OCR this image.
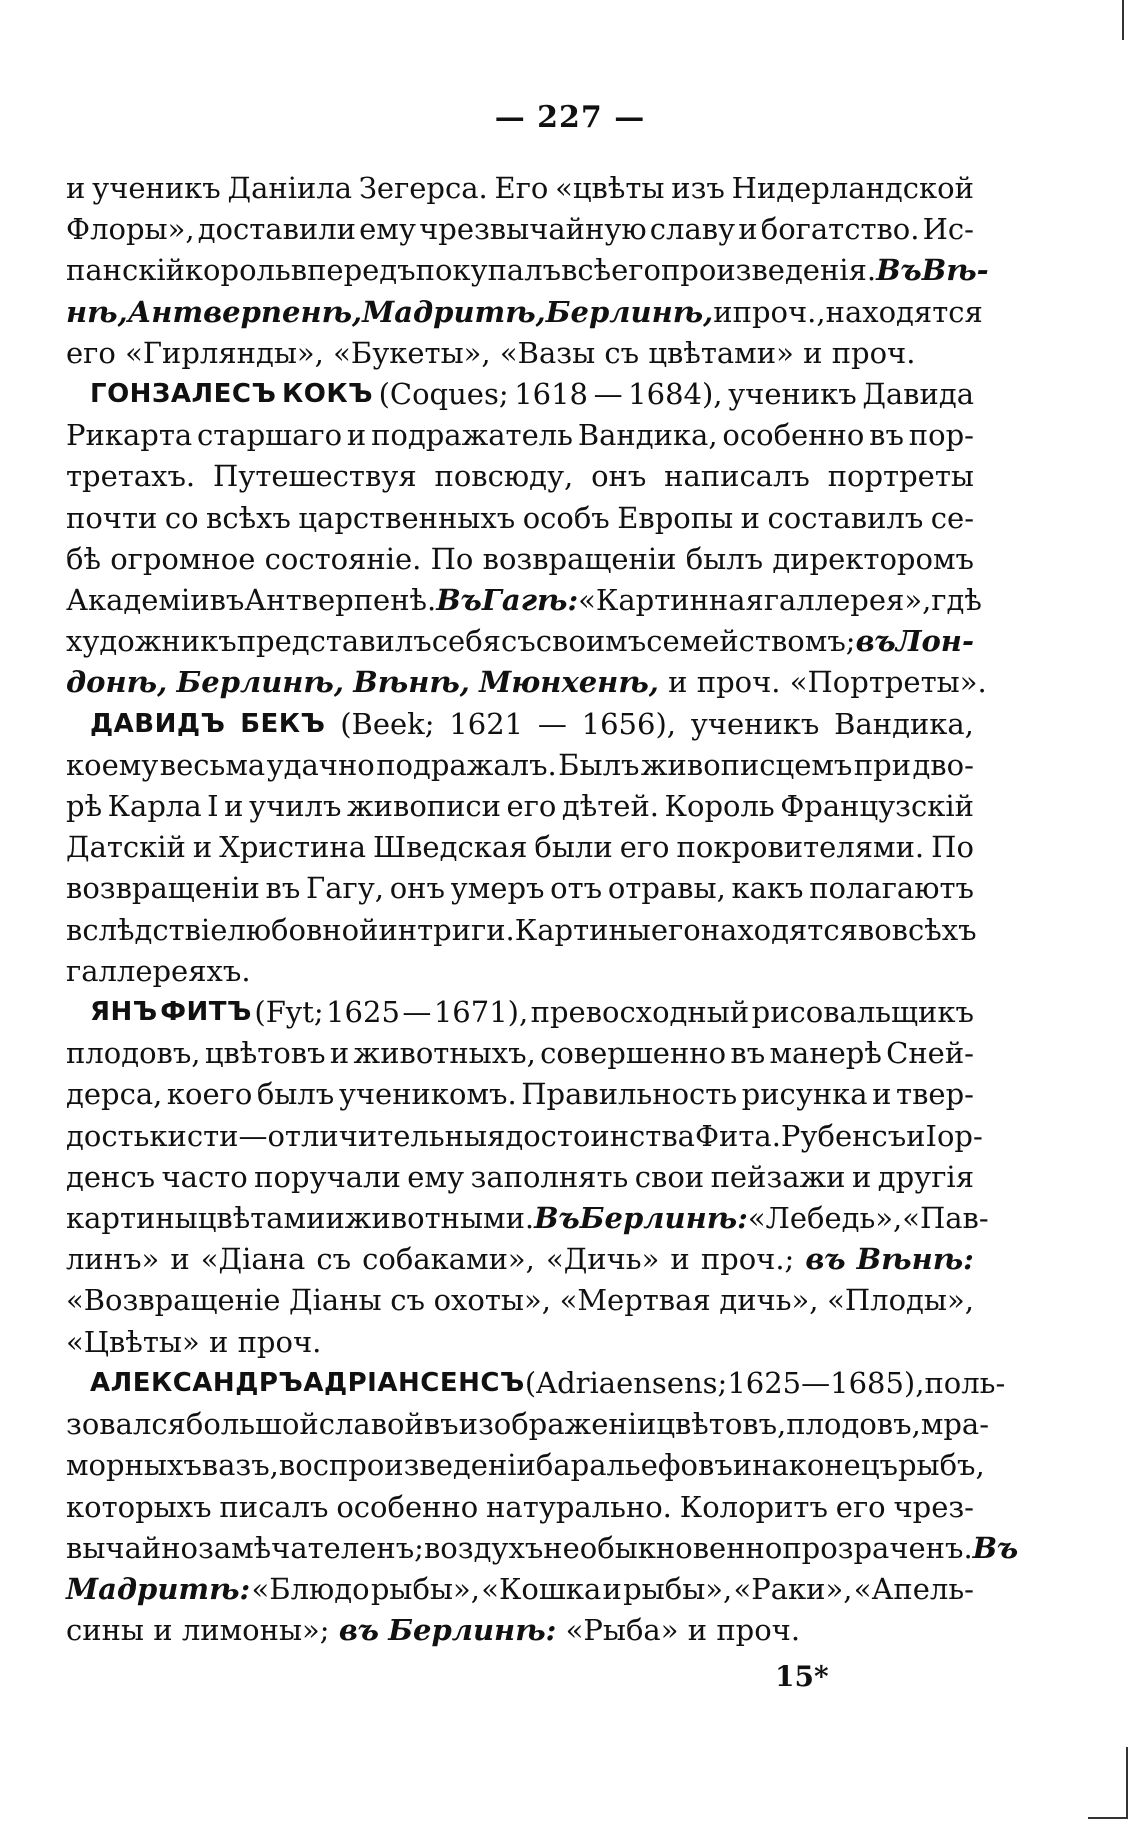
— 227 —
и ученикъ Даніила Зегерса. Его «цвѣты изъ Нидерландской
Флоры», доставили ему чрезвычайную славу и богатство. Ис-
панскій король впередъ покупалъ всѣ его произведенія. Въ Вѣ-
нѣ, Антверпенѣ, Мадритѣ, Берлинѣ, и проч., находятся
его «Гирлянды», «Букеты», «Вазы съ цвѣтами» и проч.
ГОНЗАЛЕСЪ КОКЪ (Coques; 1618 — 1684), ученикъ Давида
Рикарта старшаго и подражатель Вандика, особенно въ пор-
третахъ. Путешествуя повсюду, онъ написалъ портреты
почти со всѣхъ царственныхъ особъ Европы и составилъ се-
бѣ огромное состояніе. По возвращеніи былъ директоромъ
Академіи въ Антверпенѣ. Въ Гагѣ: «Картинная галлерея», гдѣ
художникъ представилъ себя съ своимъ семействомъ; въ Лон-
донѣ, Берлинѣ, Вѣнѣ, Мюнхенѣ, и проч. «Портреты».
ДАВИДЪ БЕКЪ (Beek; 1621 — 1656), ученикъ Вандика,
коему весьма удачно подражалъ. Былъ живописцемъ при дво-
рѣ Карла I и училъ живописи его дѣтей. Король Французскій
Датскій и Христина Шведская были его покровителями. По
возвращеніи въ Гагу, онъ умеръ отъ отравы, какъ полагаютъ
вслѣдствіе любовной интриги. Картины его находятся во всѣхъ
галлереяхъ.
ЯНЪ ФИТЪ (Fyt; 1625 — 1671), превосходный рисовальщикъ
плодовъ, цвѣтовъ и животныхъ, совершенно въ манерѣ Сней-
дерса, коего былъ ученикомъ. Правильность рисунка и твер-
дость кисти—отличительныя достоинства Фита. Рубенсъ и Іор-
денсъ часто поручали ему заполнять свои пейзажи и другія
картины цвѣтами и животными. Въ Берлинѣ: «Лебедь», «Пав-
линъ» и «Діана съ собаками», «Дичь» и проч.; въ Вѣнѣ:
«Возвращеніе Діаны съ охоты», «Мертвая дичь», «Плоды»,
«Цвѣты» и проч.
АЛЕКСАНДРЪ АДРІАНСЕНСЪ (Adriaensens; 1625 — 1685), поль-
зовался большой славой въ изображеніи цвѣтовъ, плодовъ, мра-
морныхъ вазъ, воспроизведеніи баральефовъ и наконецъ рыбъ,
которыхъ писалъ особенно натурально. Колоритъ его чрез-
вычайно замѣчателенъ; воздухъ необыкновенно прозраченъ. Въ
Мадритѣ: «Блюдо рыбы», «Кошка и рыбы», «Раки», «Апель-
сины и лимоны»; въ Берлинѣ: «Рыба» и проч.
15*
